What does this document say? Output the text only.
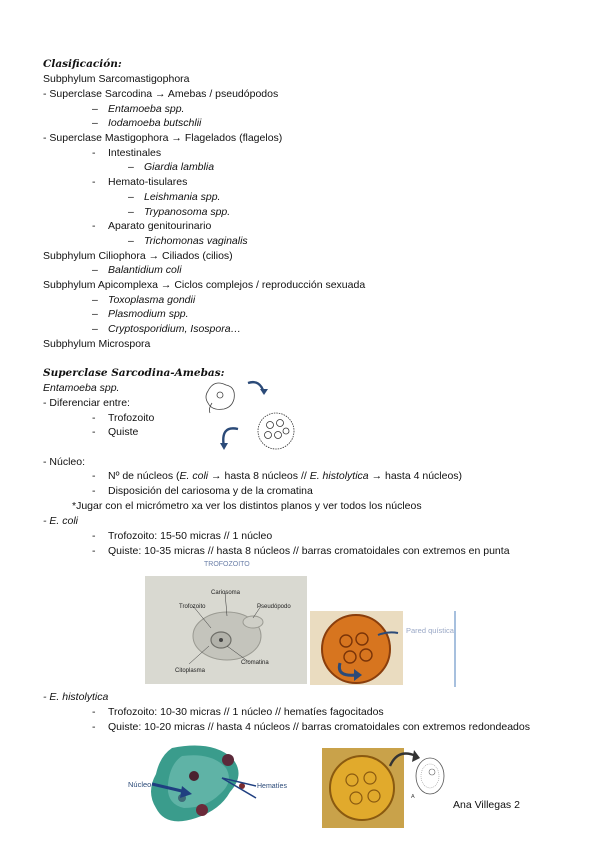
Clasificación:
Subphylum Sarcomastigophora
- Superclase Sarcodina → Amebas / pseudópodos
– Entamoeba spp.
– Iodamoeba butschlii
- Superclase Mastigophora → Flagelados (flagelos)
- Intestinales
– Giardia lamblia
- Hemato-tisulares
– Leishmania spp.
– Trypanosoma spp.
- Aparato genitourinario
– Trichomonas vaginalis
Subphylum Ciliophora → Ciliados (cilios)
– Balantidium coli
Subphylum Apicomplexa → Ciclos complejos / reproducción sexuada
– Toxoplasma gondii
– Plasmodium spp.
– Cryptosporidium, Isospora…
Subphylum Microspora
Superclase Sarcodina-Amebas:
Entamoeba spp.
- Diferenciar entre:
- Trofozoito
- Quiste
- Núcleo:
- Nº de núcleos (E. coli → hasta 8 núcleos // E. histolytica → hasta 4 núcleos)
- Disposición del cariosoma y de la cromatina
*Jugar con el micrómetro xa ver los distintos planos y ver todos los núcleos
- E. coli
- Trofozoito: 15-50 micras // 1 núcleo
- Quiste: 10-35 micras // hasta 8 núcleos // barras cromatoidales con extremos en punta
TROFOZOITO
Trofozoito
Cariosoma
Pseudópodo
Cromatina
Citoplasma
Pared quística
- E. histolytica
- Trofozoito: 10-30 micras // 1 núcleo // hematíes fagocitados
- Quiste: 10-20 micras // hasta 4 núcleos // barras cromatoidales con extremos redondeados
Núcleo	Hematíes
A
Ana Villegas 2
